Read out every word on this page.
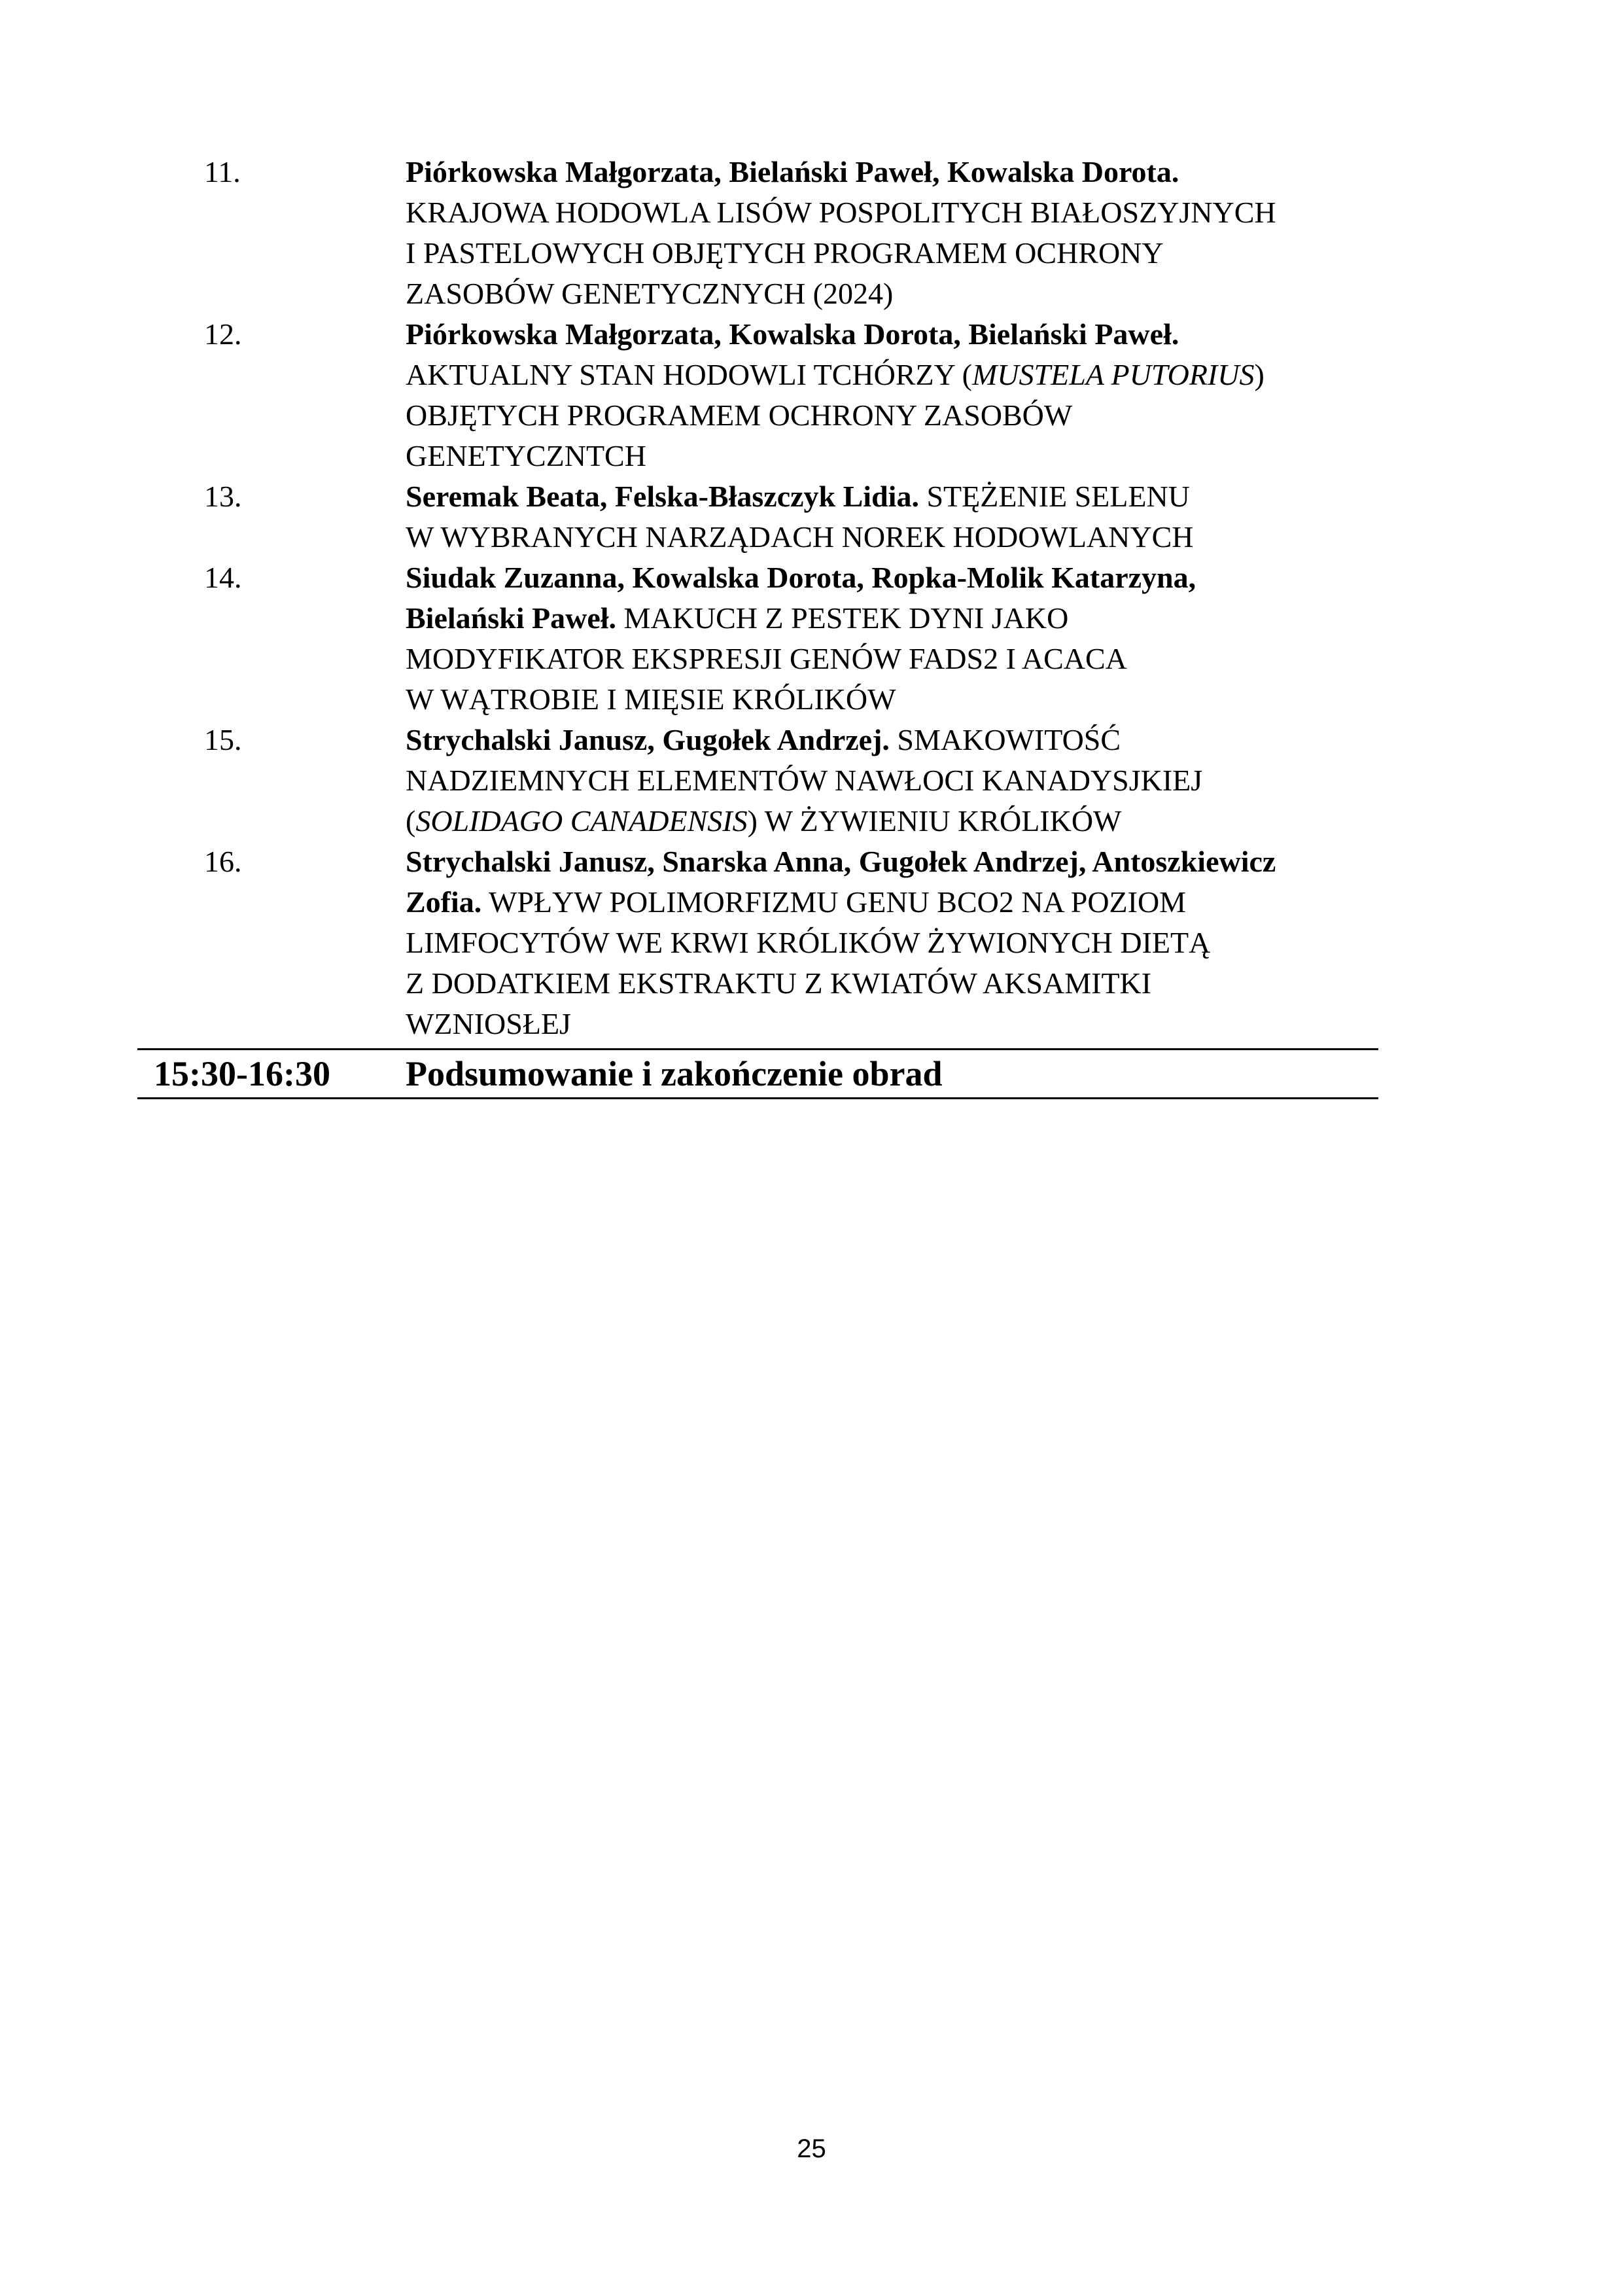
11.	Piórkowska Małgorzata, Bielański Paweł, Kowalska Dorota.
KRAJOWA HODOWLA LISÓW POSPOLITYCH BIAŁOSZYJNYCH
I PASTELOWYCH OBJĘTYCH PROGRAMEM OCHRONY
ZASOBÓW GENETYCZNYCH (2024)
12.	Piórkowska Małgorzata, Kowalska Dorota, Bielański Paweł.
AKTUALNY STAN HODOWLI TCHÓRZY (MUSTELA PUTORIUS)
OBJĘTYCH PROGRAMEM OCHRONY ZASOBÓW
GENETYCZNTCH
13.	Seremak Beata, Felska-Błaszczyk Lidia. STĘŻENIE SELENU
W WYBRANYCH NARZĄDACH NOREK HODOWLANYCH
14.	Siudak Zuzanna, Kowalska Dorota, Ropka-Molik Katarzyna,
Bielański Paweł. MAKUCH Z PESTEK DYNI JAKO
MODYFIKATOR EKSPRESJI GENÓW FADS2 I ACACA
W WĄTROBIE I MIĘSIE KRÓLIKÓW
15.	Strychalski Janusz, Gugołek Andrzej. SMAKOWITOŚĆ
NADZIEMNYCH ELEMENTÓW NAWŁOCI KANADYSJKIEJ
(SOLIDAGO CANADENSIS) W ŻYWIENIU KRÓLIKÓW
16.	Strychalski Janusz, Snarska Anna, Gugołek Andrzej, Antoszkiewicz
Zofia. WPŁYW POLIMORFIZMU GENU BCO2 NA POZIOM
LIMFOCYTÓW WE KRWI KRÓLIKÓW ŻYWIONYCH DIETĄ
Z DODATKIEM EKSTRAKTU Z KWIATÓW AKSAMITKI
WZNIOSŁEJ
15:30-16:30 Podsumowanie i zakończenie obrad
25
